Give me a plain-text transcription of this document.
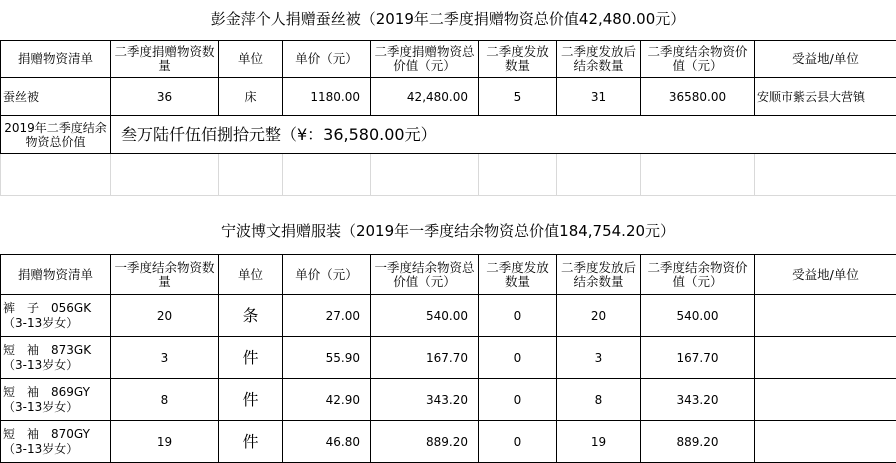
彭金萍个人捐赠蚕丝被（2019年二季度捐赠物资总价值42,480.00元）
捐赠物资清单	二季度捐赠物资数量	单位	单价（元）	二季度捐赠物资总价值（元）	二季度发放数量	二季度发放后结余数量	二季度结余物资价值（元）	受益地/单位
蚕丝被	36	床	1180.00	42,480.00	5	31	36580.00	安顺市紫云县大营镇
2019年二季度结余物资总价值	叁万陆仟伍佰捌拾元整（¥：36,580.00元）							

宁波博文捐赠服装（2019年一季度结余物资总价值184,754.20元）
捐赠物资清单	一季度结余物资数量	单位	单价（元）	一季度结余物资总价值（元）	二季度发放数量	二季度发放后结余数量	二季度结余物资价值（元）	受益地/单位

裤　子　056GK
（3-13岁女）	20	条	27.00	540.00	0	20	540.00	

短　袖　873GK
（3-13岁女）	3	件	55.90	167.70	0	3	167.70	

短　袖　869GY
（3-13岁女）	8	件	42.90	343.20	0	8	343.20	

短　袖　870GY
（3-13岁女）	19	件	46.80	889.20	0	19	889.20	
